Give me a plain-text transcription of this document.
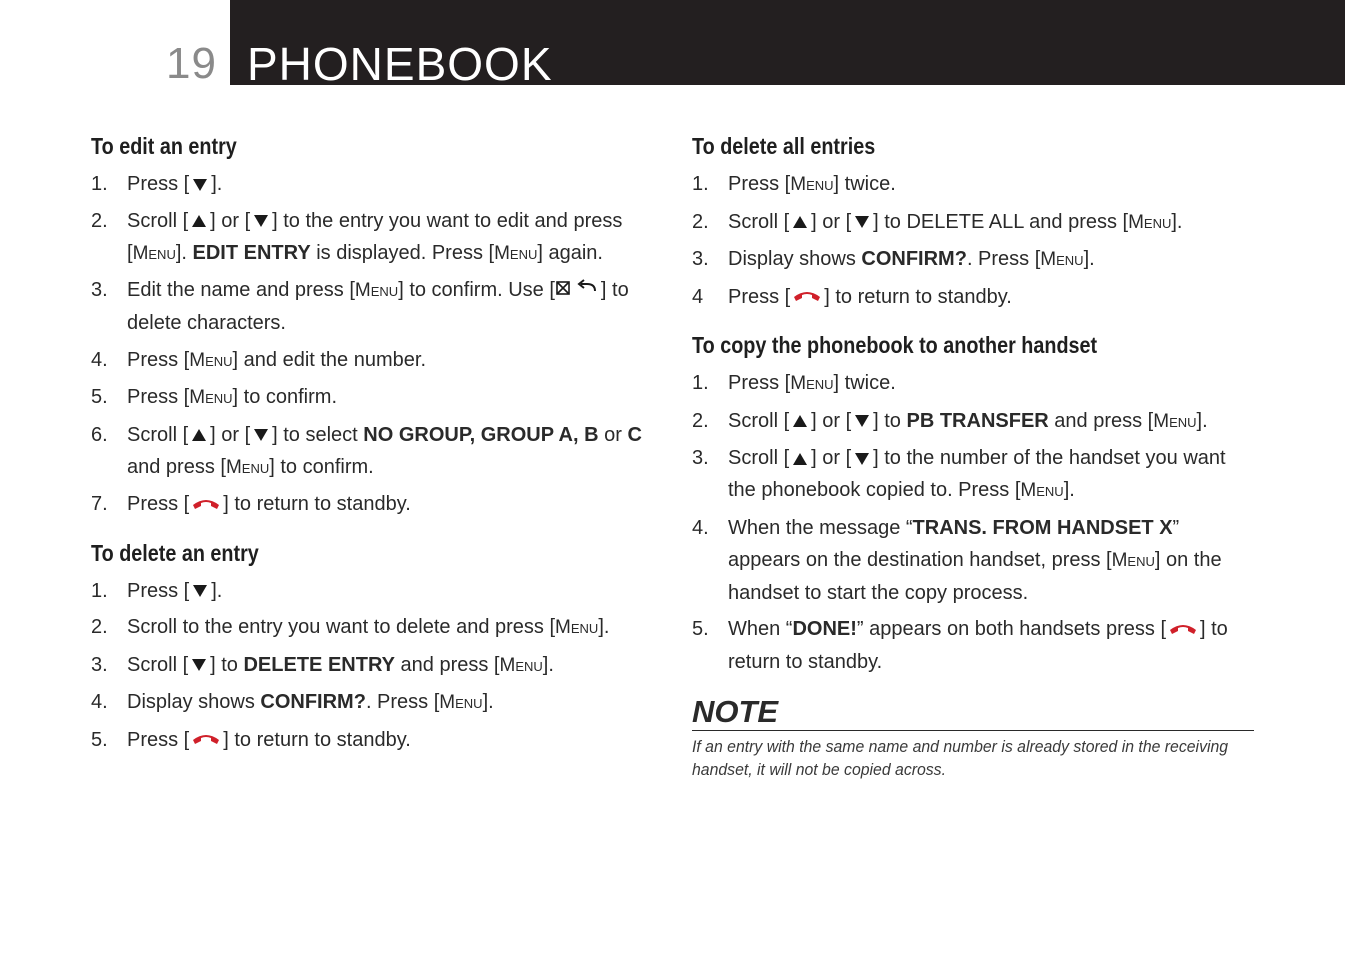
19 PHONEBOOK
To edit an entry
1. Press [ ].
2. Scroll [ ] or [ ] to the entry you want to edit and press [Menu]. EDIT ENTRY is displayed. Press [Menu] again.
3. Edit the name and press [Menu] to confirm. Use [ ] to delete characters.
4. Press [Menu] and edit the number.
5. Press [Menu] to confirm.
6. Scroll [ ] or [ ] to select NO GROUP, GROUP A, B or C and press [Menu] to confirm.
7. Press [ ] to return to standby.
To delete an entry
1. Press [ ].
2. Scroll to the entry you want to delete and press [Menu].
3. Scroll [ ] to DELETE ENTRY and press [Menu].
4. Display shows CONFIRM?. Press [Menu].
5. Press [ ] to return to standby.
To delete all entries
1. Press [Menu] twice.
2. Scroll [ ] or [ ] to DELETE ALL and press [Menu].
3. Display shows CONFIRM?. Press [Menu].
4 Press [ ] to return to standby.
To copy the phonebook to another handset
1. Press [Menu] twice.
2. Scroll [ ] or [ ] to PB TRANSFER and press [Menu].
3. Scroll [ ] or [ ] to the number of the handset you want the phonebook copied to. Press [Menu].
4. When the message “TRANS. FROM HANDSET X” appears on the destination handset, press [Menu] on the handset to start the copy process.
5. When “DONE!” appears on both handsets press [ ] to return to standby.
NOTE
If an entry with the same name and number is already stored in the receiving handset, it will not be copied across.
